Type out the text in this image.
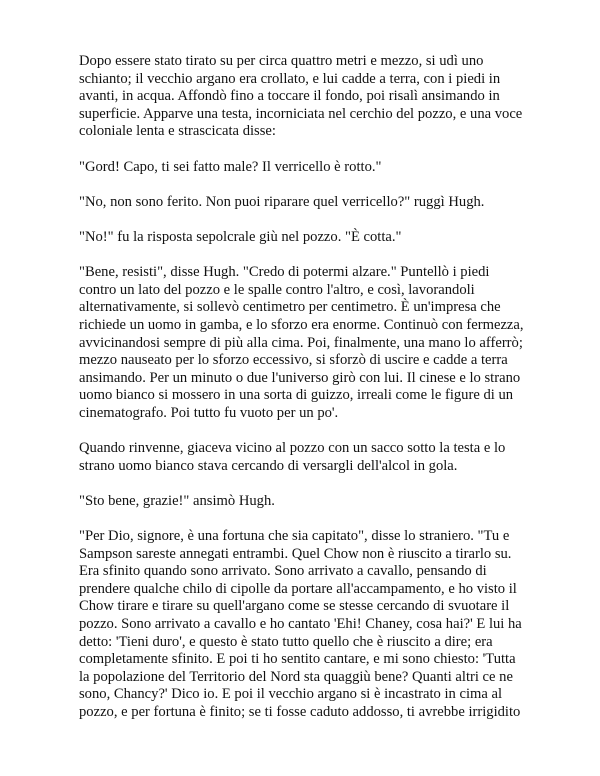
Dopo essere stato tirato su per circa quattro metri e mezzo, si udì uno schianto; il vecchio argano era crollato, e lui cadde a terra, con i piedi in avanti, in acqua. Affondò fino a toccare il fondo, poi risalì ansimando in superficie. Apparve una testa, incorniciata nel cerchio del pozzo, e una voce coloniale lenta e strascicata disse:

"Gord! Capo, ti sei fatto male? Il verricello è rotto."

"No, non sono ferito. Non puoi riparare quel verricello?" ruggì Hugh.

"No!" fu la risposta sepolcrale giù nel pozzo. "È cotta."

"Bene, resisti", disse Hugh. "Credo di potermi alzare." Puntellò i piedi contro un lato del pozzo e le spalle contro l'altro, e così, lavorandoli alternativamente, si sollevò centimetro per centimetro. È un'impresa che richiede un uomo in gamba, e lo sforzo era enorme. Continuò con fermezza, avvicinandosi sempre di più alla cima. Poi, finalmente, una mano lo afferrò; mezzo nauseato per lo sforzo eccessivo, si sforzò di uscire e cadde a terra ansimando. Per un minuto o due l'universo girò con lui. Il cinese e lo strano uomo bianco si mossero in una sorta di guizzo, irreali come le figure di un cinematografo. Poi tutto fu vuoto per un po'.

Quando rinvenne, giaceva vicino al pozzo con un sacco sotto la testa e lo strano uomo bianco stava cercando di versargli dell'alcol in gola.

"Sto bene, grazie!" ansimò Hugh.

"Per Dio, signore, è una fortuna che sia capitato", disse lo straniero. "Tu e Sampson sareste annegati entrambi. Quel Chow non è riuscito a tirarlo su. Era sfinito quando sono arrivato. Sono arrivato a cavallo, pensando di prendere qualche chilo di cipolle da portare all'accampamento, e ho visto il Chow tirare e tirare su quell'argano come se stesse cercando di svuotare il pozzo. Sono arrivato a cavallo e ho cantato 'Ehi! Chaney, cosa hai?' E lui ha detto: 'Tieni duro', e questo è stato tutto quello che è riuscito a dire; era completamente sfinito. E poi ti ho sentito cantare, e mi sono chiesto: 'Tutta la popolazione del Territorio del Nord sta quaggiù bene? Quanti altri ce ne sono, Chancy?' Dico io. E poi il vecchio argano si è incastrato in cima al pozzo, e per fortuna è finito; se ti fosse caduto addosso, ti avrebbe irrigidito
